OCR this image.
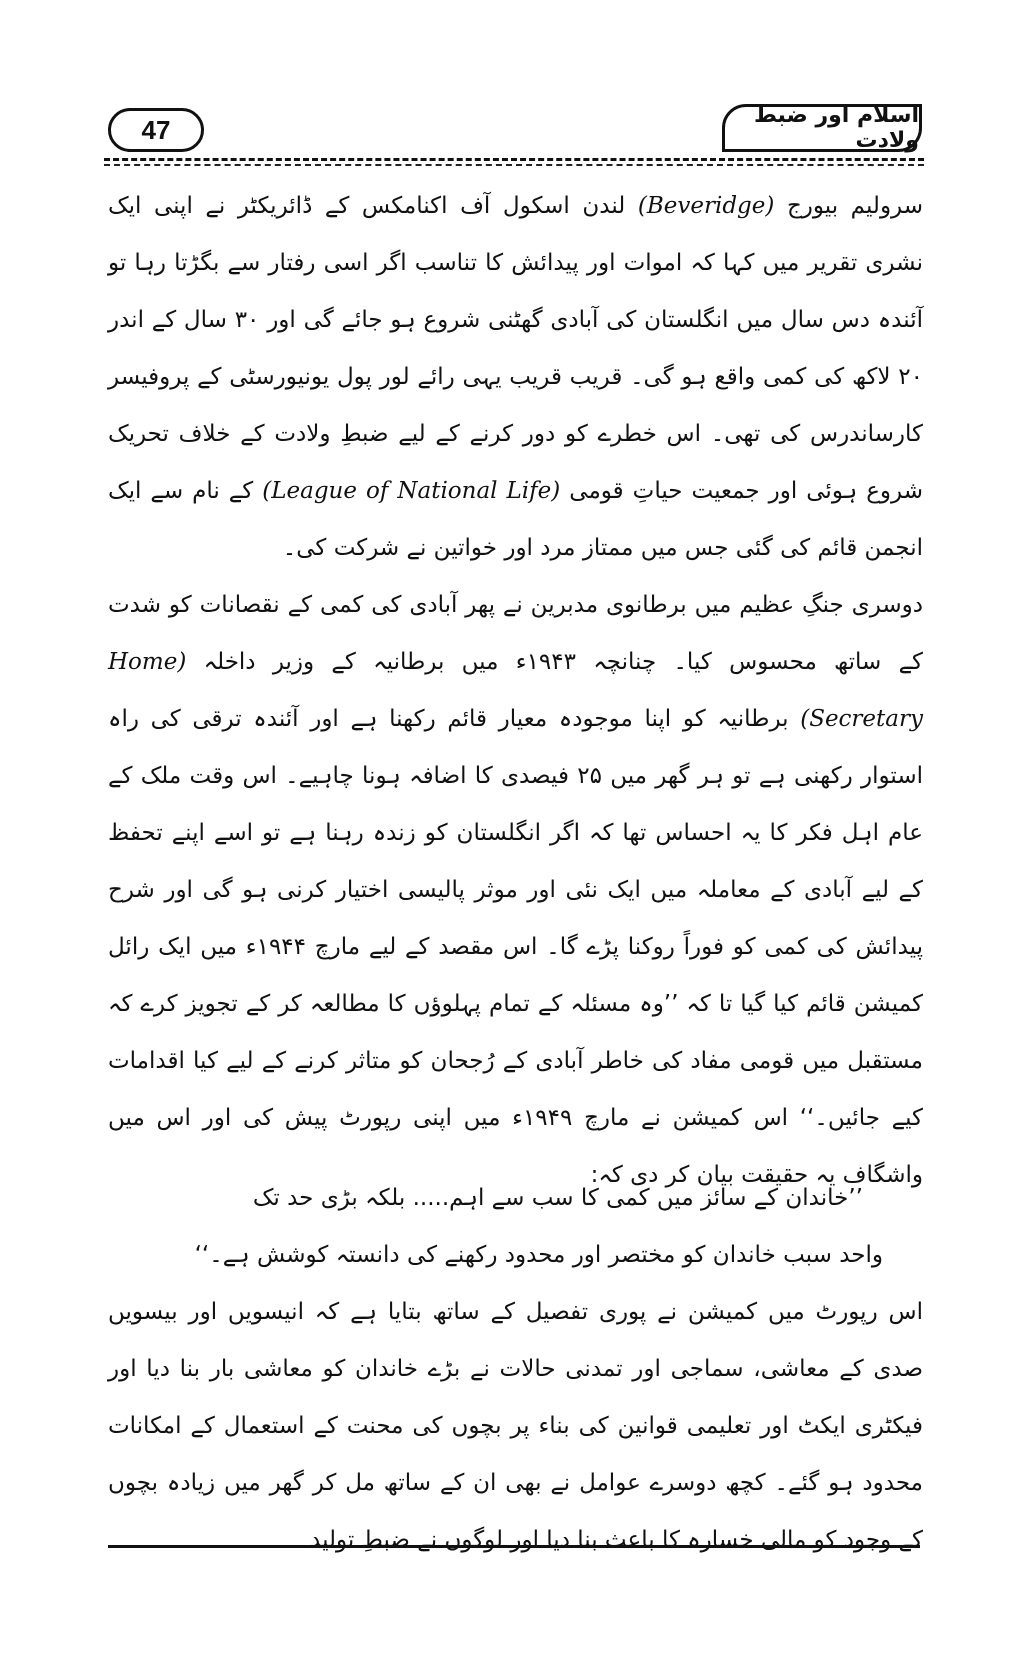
47	اسلام اور ضبط ولادت

سرولیم بیورج (Beveridge) لندن اسکول آف اکنامکس کے ڈائریکٹر نے اپنی ایک نشری تقریر میں کہا کہ اموات اور پیدائش کا تناسب اگر اسی رفتار سے بگڑتا رہا تو آئندہ دس سال میں انگلستان کی آبادی گھٹنی شروع ہو جائے گی اور ۳۰ سال کے اندر ۲۰ لاکھ کی کمی واقع ہو گی۔ قریب قریب یہی رائے لور پول یونیورسٹی کے پروفیسر کارساندرس کی تھی۔ اس خطرے کو دور کرنے کے لیے ضبطِ ولادت کے خلاف تحریک شروع ہوئی اور جمعیت حیاتِ قومی (League of National Life) کے نام سے ایک انجمن قائم کی گئی جس میں ممتاز مرد اور خواتین نے شرکت کی۔

دوسری جنگِ عظیم میں برطانوی مدبرین نے پھر آبادی کی کمی کے نقصانات کو شدت کے ساتھ محسوس کیا۔ چنانچہ ۱۹۴۳ء میں برطانیہ کے وزیر داخلہ (Home Secretary) برطانیہ کو اپنا موجودہ معیار قائم رکھنا ہے اور آئندہ ترقی کی راہ استوار رکھنی ہے تو ہر گھر میں ۲۵ فیصدی کا اضافہ ہونا چاہیے۔ اس وقت ملک کے عام اہل فکر کا یہ احساس تھا کہ اگر انگلستان کو زندہ رہنا ہے تو اسے اپنے تحفظ کے لیے آبادی کے معاملہ میں ایک نئی اور موثر پالیسی اختیار کرنی ہو گی اور شرح پیدائش کی کمی کو فوراً روکنا پڑے گا۔ اس مقصد کے لیے مارچ ۱۹۴۴ء میں ایک رائل کمیشن قائم کیا گیا تا کہ ’’وہ مسئلہ کے تمام پہلوؤں کا مطالعہ کر کے تجویز کرے کہ مستقبل میں قومی مفاد کی خاطر آبادی کے رُجحان کو متاثر کرنے کے لیے کیا اقدامات کیے جائیں۔‘‘ اس کمیشن نے مارچ ۱۹۴۹ء میں اپنی رپورٹ پیش کی اور اس میں واشگاف یہ حقیقت بیان کر دی کہ:

’’خاندان کے سائز میں کمی کا سب سے اہم..... بلکہ بڑی حد تک
واحد سبب خاندان کو مختصر اور محدود رکھنے کی دانستہ کوشش ہے۔‘‘

اس رپورٹ میں کمیشن نے پوری تفصیل کے ساتھ بتایا ہے کہ انیسویں اور بیسویں صدی کے معاشی، سماجی اور تمدنی حالات نے بڑے خاندان کو معاشی بار بنا دیا اور فیکٹری ایکٹ اور تعلیمی قوانین کی بناء پر بچوں کی محنت کے استعمال کے امکانات محدود ہو گئے۔ کچھ دوسرے عوامل نے بھی ان کے ساتھ مل کر گھر میں زیادہ بچوں کے وجود کو مالی خسارہ کا باعث بنا دیا اور لوگوں نے ضبطِ تولید
